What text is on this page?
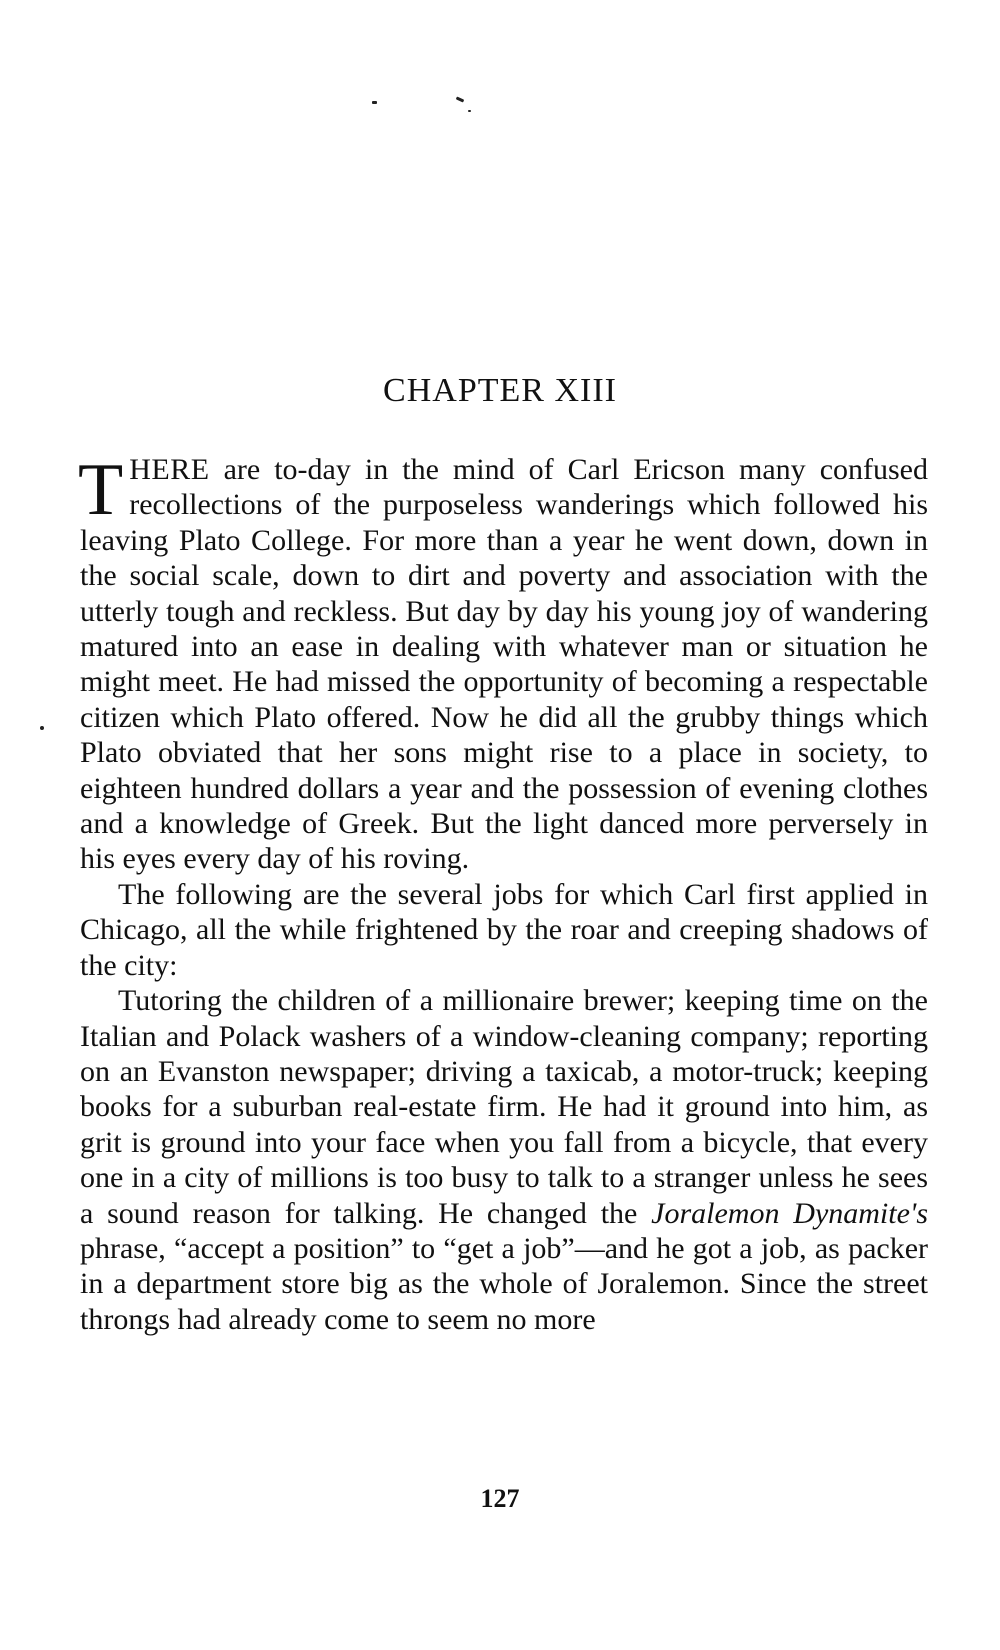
CHAPTER XIII

THERE are to-day in the mind of Carl Ericson many confused recollections of the purposeless wanderings which followed his leaving Plato College. For more than a year he went down, down in the social scale, down to dirt and poverty and association with the utterly tough and reckless. But day by day his young joy of wandering matured into an ease in dealing with whatever man or situation he might meet. He had missed the opportunity of becoming a respectable citizen which Plato offered. Now he did all the grubby things which Plato obviated that her sons might rise to a place in society, to eighteen hundred dollars a year and the possession of evening clothes and a knowledge of Greek. But the light danced more perversely in his eyes every day of his roving.

The following are the several jobs for which Carl first applied in Chicago, all the while frightened by the roar and creeping shadows of the city:

Tutoring the children of a millionaire brewer; keeping time on the Italian and Polack washers of a window-cleaning company; reporting on an Evanston newspaper; driving a taxicab, a motor-truck; keeping books for a suburban real-estate firm. He had it ground into him, as grit is ground into your face when you fall from a bicycle, that every one in a city of millions is too busy to talk to a stranger unless he sees a sound reason for talking. He changed the Joralemon Dynamite's phrase, “accept a position” to “get a job”—and he got a job, as packer in a department store big as the whole of Joralemon. Since the street throngs had already come to seem no more

127
